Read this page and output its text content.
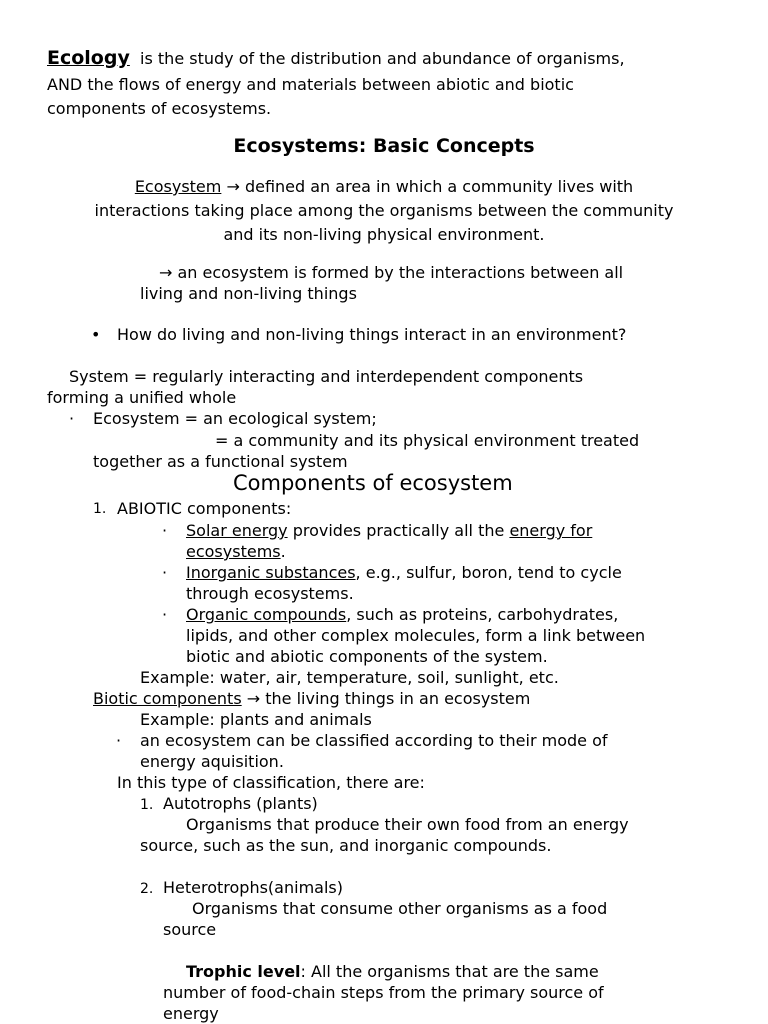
Ecology is the study of the distribution and abundance of organisms,
AND the flows of energy and materials between abiotic and biotic
components of ecosystems.
Ecosystems: Basic Concepts
Ecosystem → defined an area in which a community lives with
interactions taking place among the organisms between the community
and its non-living physical environment.
→ an ecosystem is formed by the interactions between all
living and non-living things
• How do living and non-living things interact in an environment?
System = regularly interacting and interdependent components
forming a unified whole
· Ecosystem = an ecological system;
= a community and its physical environment treated
together as a functional system
Components of ecosystem
1. ABIOTIC components:
· Solar energy provides practically all the energy for
ecosystems.
· Inorganic substances, e.g., sulfur, boron, tend to cycle
through ecosystems.
· Organic compounds, such as proteins, carbohydrates,
lipids, and other complex molecules, form a link between
biotic and abiotic components of the system.
Example: water, air, temperature, soil, sunlight, etc.
Biotic components → the living things in an ecosystem
Example: plants and animals
· an ecosystem can be classified according to their mode of
energy aquisition.
In this type of classification, there are:
1. Autotrophs (plants)
Organisms that produce their own food from an energy
source, such as the sun, and inorganic compounds.
2. Heterotrophs(animals)
Organisms that consume other organisms as a food
source
Trophic level: All the organisms that are the same
number of food-chain steps from the primary source of
energy
